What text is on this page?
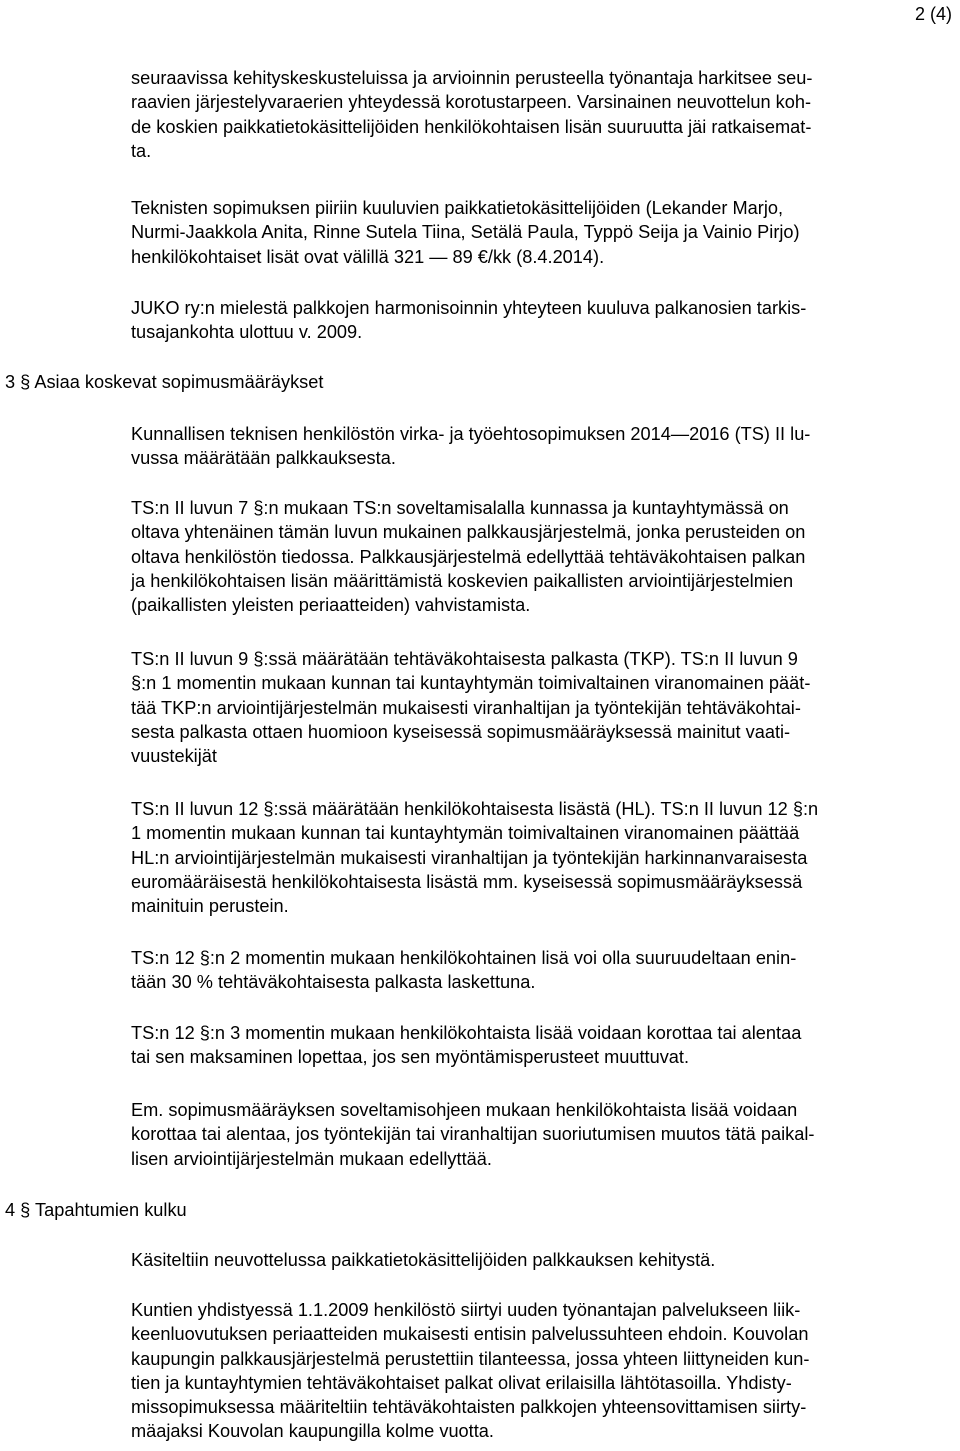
2 (4)

seuraavissa kehityskeskusteluissa ja arvioinnin perusteella työnantaja harkitsee seu-
raavien järjestelyvaraerien yhteydessä korotustarpeen. Varsinainen neuvottelun koh-
de koskien paikkatietokäsittelijöiden henkilökohtaisen lisän suuruutta jäi ratkaisemat-
ta.

Teknisten sopimuksen piiriin kuuluvien paikkatietokäsittelijöiden (Lekander Marjo,
Nurmi-Jaakkola Anita, Rinne Sutela Tiina, Setälä Paula, Typpö Seija ja Vainio Pirjo)
henkilökohtaiset lisät ovat välillä 321 — 89 €/kk (8.4.2014).

JUKO ry:n mielestä palkkojen harmonisoinnin yhteyteen kuuluva palkanosien tarkis-
tusajankohta ulottuu v. 2009.

3 § Asiaa koskevat sopimusmääräykset

Kunnallisen teknisen henkilöstön virka- ja työehtosopimuksen 2014—2016 (TS) II lu-
vussa määrätään palkkauksesta.

TS:n II luvun 7 §:n mukaan TS:n soveltamisalalla kunnassa ja kuntayhtymässä on
oltava yhtenäinen tämän luvun mukainen palkkausjärjestelmä, jonka perusteiden on
oltava henkilöstön tiedossa. Palkkausjärjestelmä edellyttää tehtäväkohtaisen palkan
ja henkilökohtaisen lisän määrittämistä koskevien paikallisten arviointijärjestelmien
(paikallisten yleisten periaatteiden) vahvistamista.

TS:n II luvun 9 §:ssä määrätään tehtäväkohtaisesta palkasta (TKP). TS:n II luvun 9
§:n 1 momentin mukaan kunnan tai kuntayhtymän toimivaltainen viranomainen päät-
tää TKP:n arviointijärjestelmän mukaisesti viranhaltijan ja työntekijän tehtäväkohtai-
sesta palkasta ottaen huomioon kyseisessä sopimusmääräyksessä mainitut vaati-
vuustekijät

TS:n II luvun 12 §:ssä määrätään henkilökohtaisesta lisästä (HL). TS:n II luvun 12 §:n
1 momentin mukaan kunnan tai kuntayhtymän toimivaltainen viranomainen päättää
HL:n arviointijärjestelmän mukaisesti viranhaltijan ja työntekijän harkinnanvaraisesta
euromääräisestä henkilökohtaisesta lisästä mm. kyseisessä sopimusmääräyksessä
mainituin perustein.

TS:n 12 §:n 2 momentin mukaan henkilökohtainen lisä voi olla suuruudeltaan enin-
tään 30 % tehtäväkohtaisesta palkasta laskettuna.

TS:n 12 §:n 3 momentin mukaan henkilökohtaista lisää voidaan korottaa tai alentaa
tai sen maksaminen lopettaa, jos sen myöntämisperusteet muuttuvat.

Em. sopimusmääräyksen soveltamisohjeen mukaan henkilökohtaista lisää voidaan
korottaa tai alentaa, jos työntekijän tai viranhaltijan suoriutumisen muutos tätä paikal-
lisen arviointijärjestelmän mukaan edellyttää.

4 § Tapahtumien kulku

Käsiteltiin neuvottelussa paikkatietokäsittelijöiden palkkauksen kehitystä.

Kuntien yhdistyessä 1.1.2009 henkilöstö siirtyi uuden työnantajan palvelukseen liik-
keenluovutuksen periaatteiden mukaisesti entisin palvelussuhteen ehdoin. Kouvolan
kaupungin palkkausjärjestelmä perustettiin tilanteessa, jossa yhteen liittyneiden kun-
tien ja kuntayhtymien tehtäväkohtaiset palkat olivat erilaisilla lähtötasoilla. Yhdisty-
missopimuksessa määriteltiin tehtäväkohtaisten palkkojen yhteensovittamisen siirty-
mäajaksi Kouvolan kaupungilla kolme vuotta.
